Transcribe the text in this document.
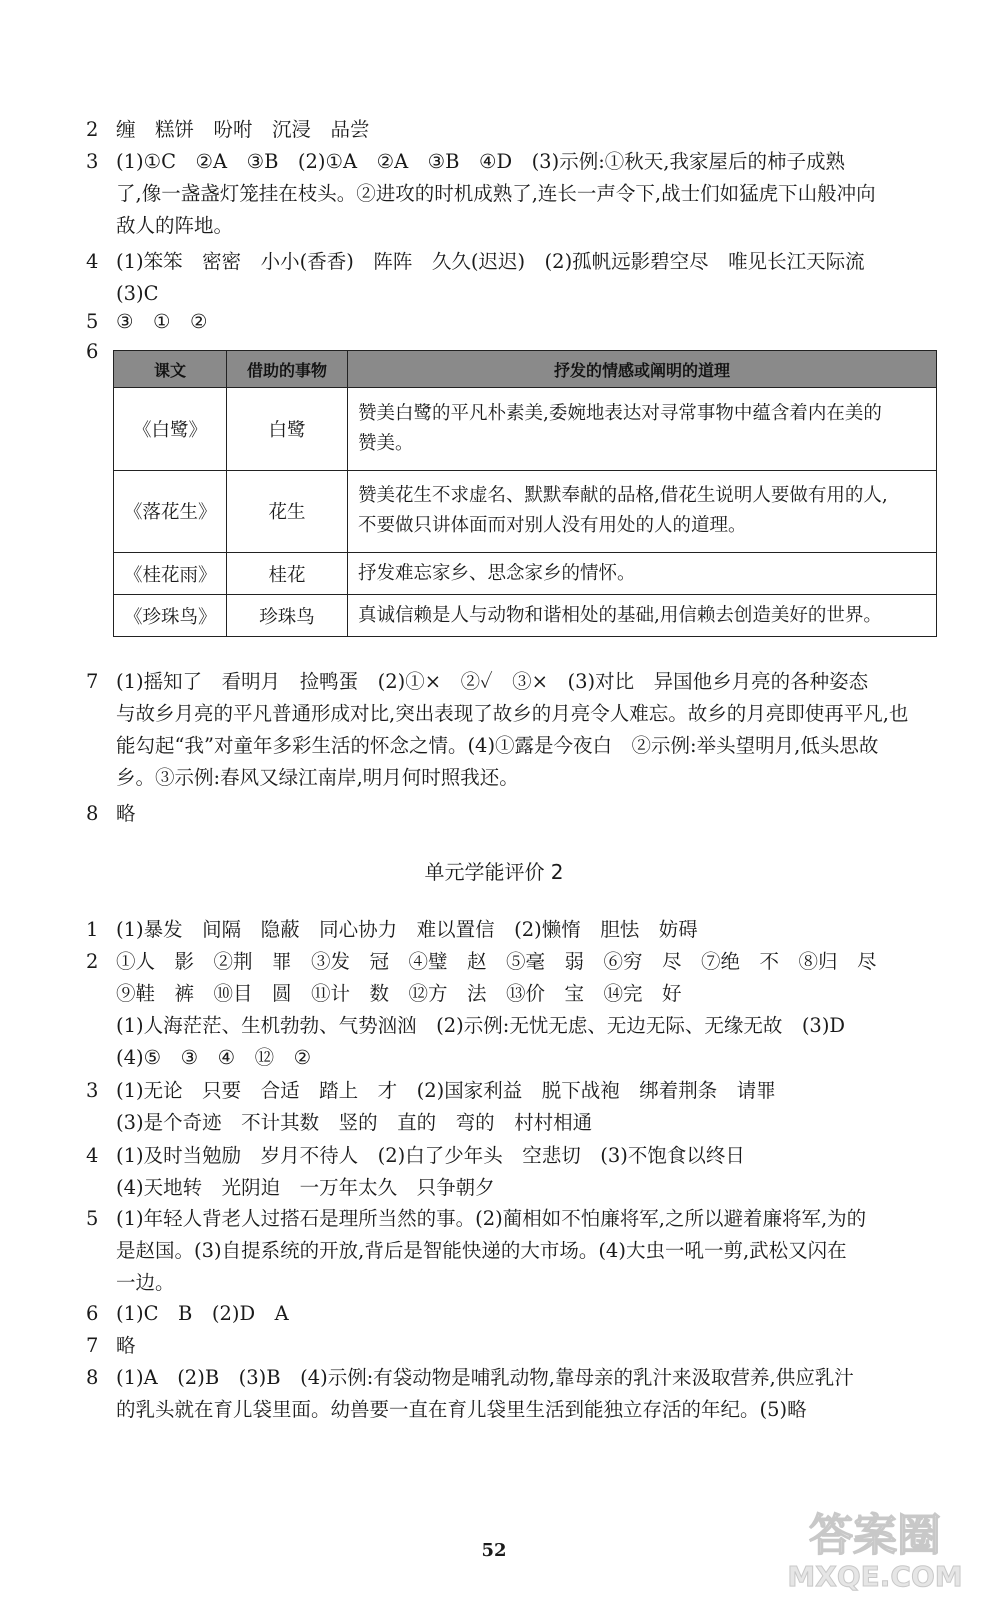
2 缠　糕饼　吩咐　沉浸　品尝
3 (1)①C　②A　③B　(2)①A　②A　③B　④D　(3)示例:①秋天,我家屋后的柿子成熟
了,像一盏盏灯笼挂在枝头。②进攻的时机成熟了,连长一声令下,战士们如猛虎下山般冲向
敌人的阵地。
4 (1)笨笨　密密　小小(香香)　阵阵　久久(迟迟)　(2)孤帆远影碧空尽　唯见长江天际流
(3)C
5 ③　①　②
6
课文	借助的事物	抒发的情感或阐明的道理
《白鹭》	白鹭	赞美白鹭的平凡朴素美,委婉地表达对寻常事物中蕴含着内在美的
赞美。

《落花生》	花生	赞美花生不求虚名、默默奉献的品格,借花生说明人要做有用的人,
不要做只讲体面而对别人没有用处的人的道理。

《桂花雨》	桂花	抒发难忘家乡、思念家乡的情怀。

《珍珠鸟》	珍珠鸟	真诚信赖是人与动物和谐相处的基础,用信赖去创造美好的世界。
7 (1)摇知了　看明月　捡鸭蛋　(2)①×　②✓　③×　(3)对比　异国他乡月亮的各种姿态
与故乡月亮的平凡普通形成对比,突出表现了故乡的月亮令人难忘。故乡的月亮即使再平凡,也
能勾起“我”对童年多彩生活的怀念之情。(4)①露是今夜白　②示例:举头望明月,低头思故
乡。③示例:春风又绿江南岸,明月何时照我还。
8 略
单元学能评价 2
1 (1)暴发　间隔　隐蔽　同心协力　难以置信　(2)懒惰　胆怯　妨碍
2 ①人　影　②荆　罪　③发　冠　④璧　赵　⑤毫　弱　⑥穷　尽　⑦绝　不　⑧归　尽
⑨鞋　裤　⑩目　圆　⑪计　数　⑫方　法　⑬价　宝　⑭完　好
(1)人海茫茫、生机勃勃、气势汹汹　(2)示例:无忧无虑、无边无际、无缘无故　(3)D
(4)⑤　③　④　⑫　②
3 (1)无论　只要　合适　踏上　才　(2)国家利益　脱下战袍　绑着荆条　请罪
(3)是个奇迹　不计其数　竖的　直的　弯的　村村相通
4 (1)及时当勉励　岁月不待人　(2)白了少年头　空悲切　(3)不饱食以终日
(4)天地转　光阴迫　一万年太久　只争朝夕
5 (1)年轻人背老人过搭石是理所当然的事。(2)蔺相如不怕廉将军,之所以避着廉将军,为的
是赵国。(3)自提系统的开放,背后是智能快递的大市场。(4)大虫一吼一剪,武松又闪在
一边。
6 (1)C　B　(2)D　A
7 略
8 (1)A　(2)B　(3)B　(4)示例:有袋动物是哺乳动物,靠母亲的乳汁来汲取营养,供应乳汁
的乳头就在育儿袋里面。幼兽要一直在育儿袋里生活到能独立存活的年纪。(5)略
52	答案圈
MXQE.COM
